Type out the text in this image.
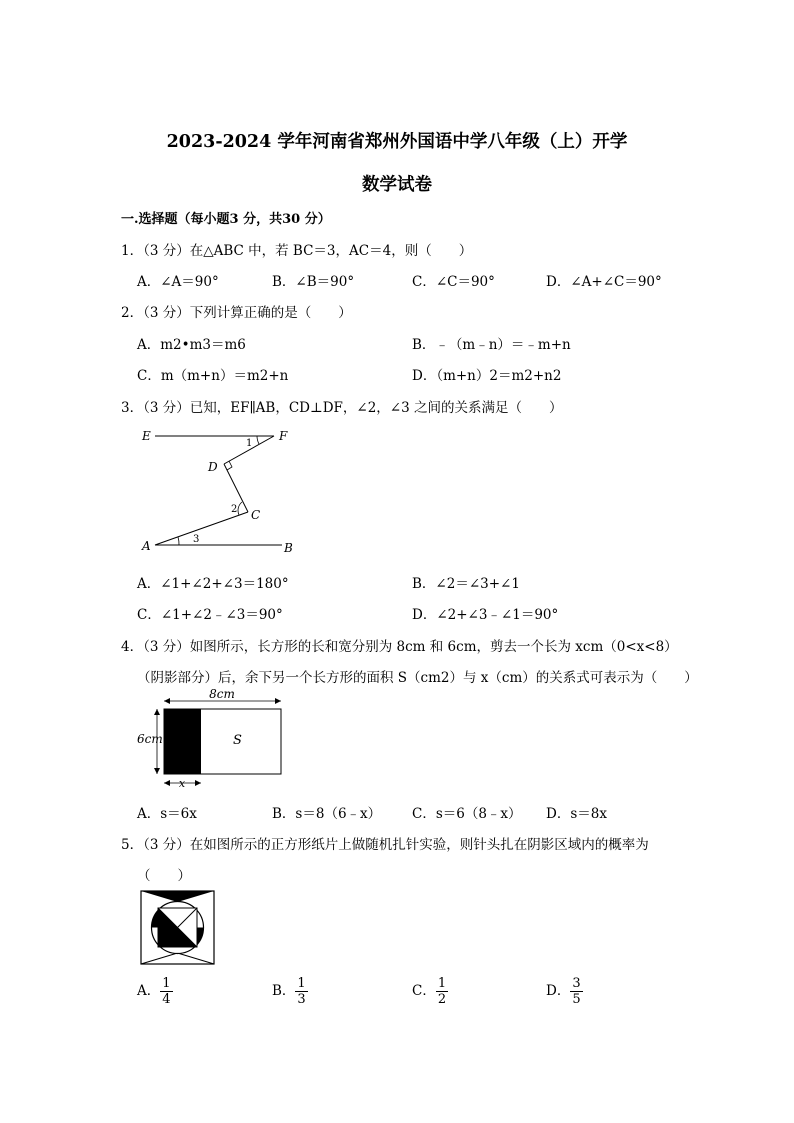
2023-2024 学年河南省郑州外国语中学八年级（上）开学
数学试卷
一.选择题（每小题3 分，共30 分）
1．（3 分）在△ABC 中，若 BC＝3，AC＝4，则（　　）
A．∠A＝90°	B．∠B＝90°	C．∠C＝90°	D．∠A+∠C＝90°
2．（3 分）下列计算正确的是（　　）
A．m2•m3＝m6	B．﹣（m﹣n）＝﹣m+n
C．m（m+n）＝m2+n	D．（m+n）2＝m2+n2
3．（3 分）已知，EF∥AB，CD⊥DF，∠2，∠3 之间的关系满足（　　）
E	F
D
C
A	B
1
2
3
A．∠1+∠2+∠3＝180°	B．∠2＝∠3+∠1
C．∠1+∠2﹣∠3＝90°	D．∠2+∠3﹣∠1＝90°
4．（3 分）如图所示，长方形的长和宽分别为 8cm 和 6cm，剪去一个长为 xcm（0<x<8）
（阴影部分）后，余下另一个长方形的面积 S（cm2）与 x（cm）的关系式可表示为（　　）
8cm
6cm	S
x
A．s＝6x	B．s＝8（6﹣x） C．s＝6（8﹣x） D．s＝8x
5．（3 分）在如图所示的正方形纸片上做随机扎针实验，则针头扎在阴影区域内的概率为
（　　）
A． $\frac{1}{4}$	B． $\frac{1}{3}$	C． $\frac{1}{2}$	D． $\frac{3}{5}$
